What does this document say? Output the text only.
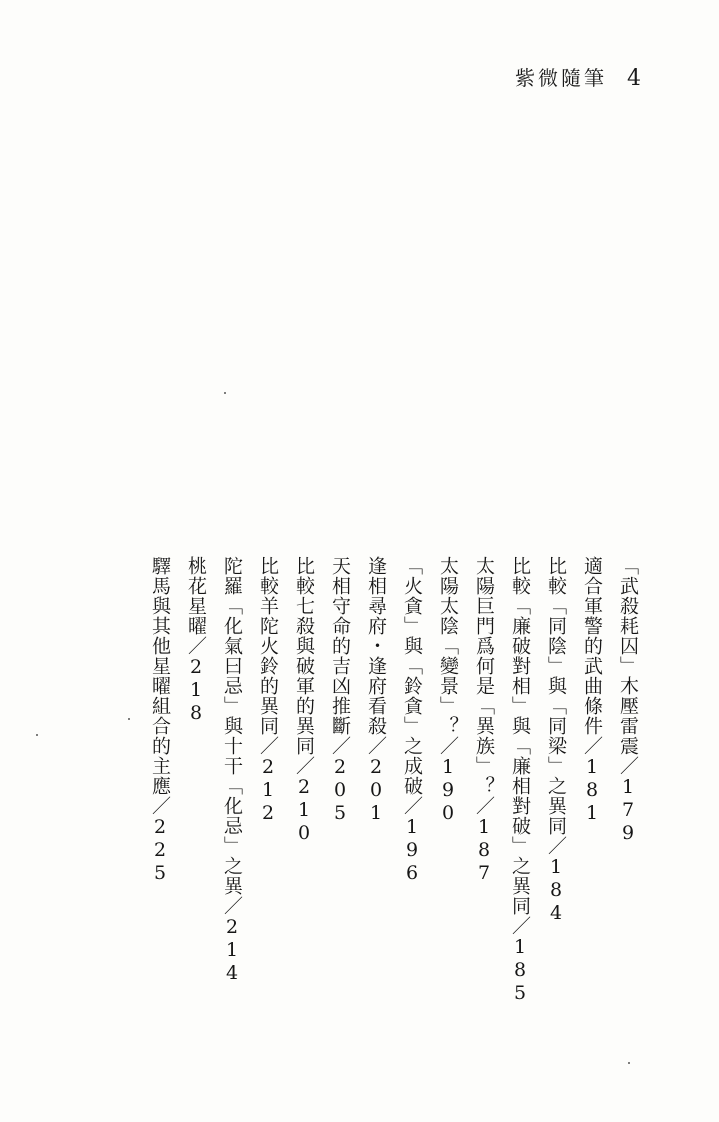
紫微隨筆 4
「武殺耗囚」木壓雷震／179
適合軍警的武曲條件／181
比較「同陰」與「同梁」之異同／184
比較「廉破對相」與「廉相對破」之異同／185
太陽巨門爲何是「異族」？／187
太陽太陰「變景」？／190
「火貪」與「鈴貪」之成破／196
逢相尋府・逢府看殺／201
天相守命的吉凶推斷／205
比較七殺與破軍的異同／210
比較羊陀火鈴的異同／212
陀羅「化氣曰忌」與十干「化忌」之異／214
桃花星曜／218
驛馬與其他星曜組合的主應／225
